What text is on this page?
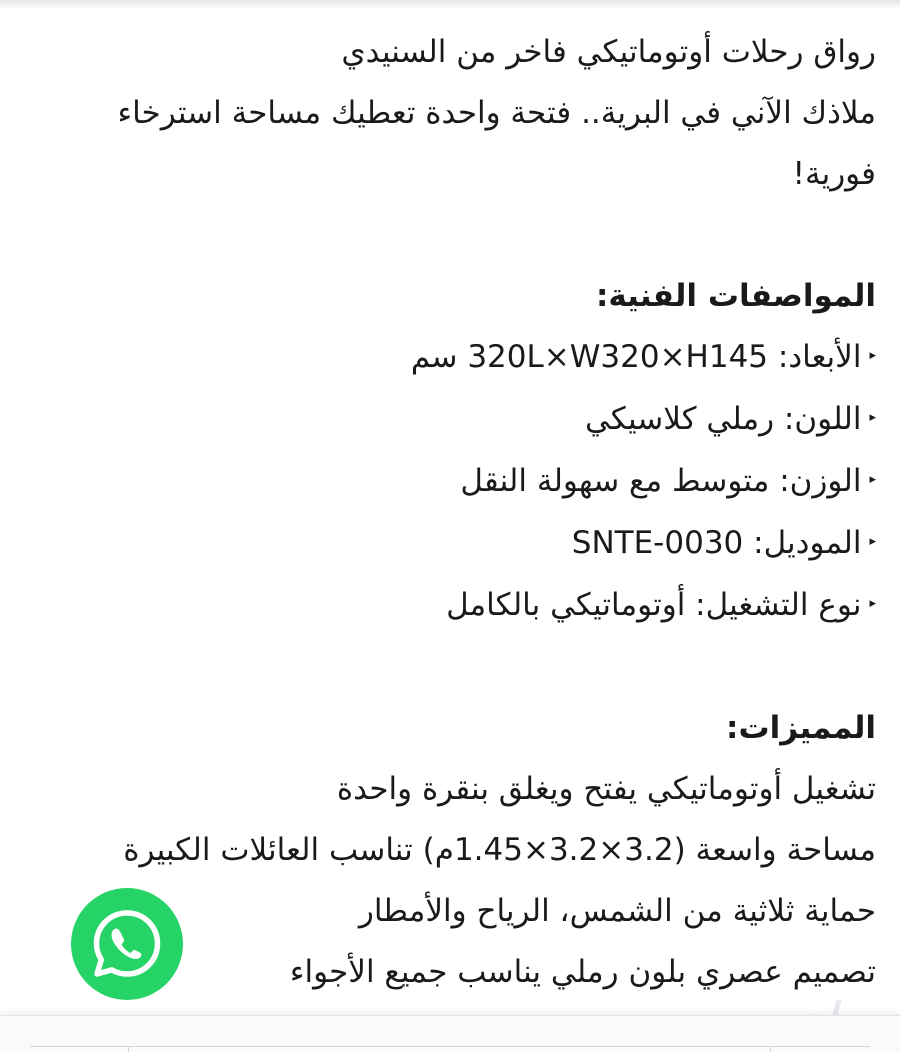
رواق رحلات أوتوماتيكي فاخر من السنيدي

ملاذك الآني في البرية.. فتحة واحدة تعطيك مساحة استرخاء

فورية!

المواصفات الفنية:

▸الأبعاد: 320L×W320×H145 سم

▸اللون: رملي كلاسيكي

▸الوزن: متوسط مع سهولة النقل

▸الموديل: SNTE-0030

▸نوع التشغيل: أوتوماتيكي بالكامل

المميزات:

تشغيل أوتوماتيكي يفتح ويغلق بنقرة واحدة

مساحة واسعة (3.2×3.2×1.45م) تناسب العائلات الكبيرة

حماية ثلاثية من الشمس، الرياح والأمطار

تصميم عصري بلون رملي يناسب جميع الأجواء
